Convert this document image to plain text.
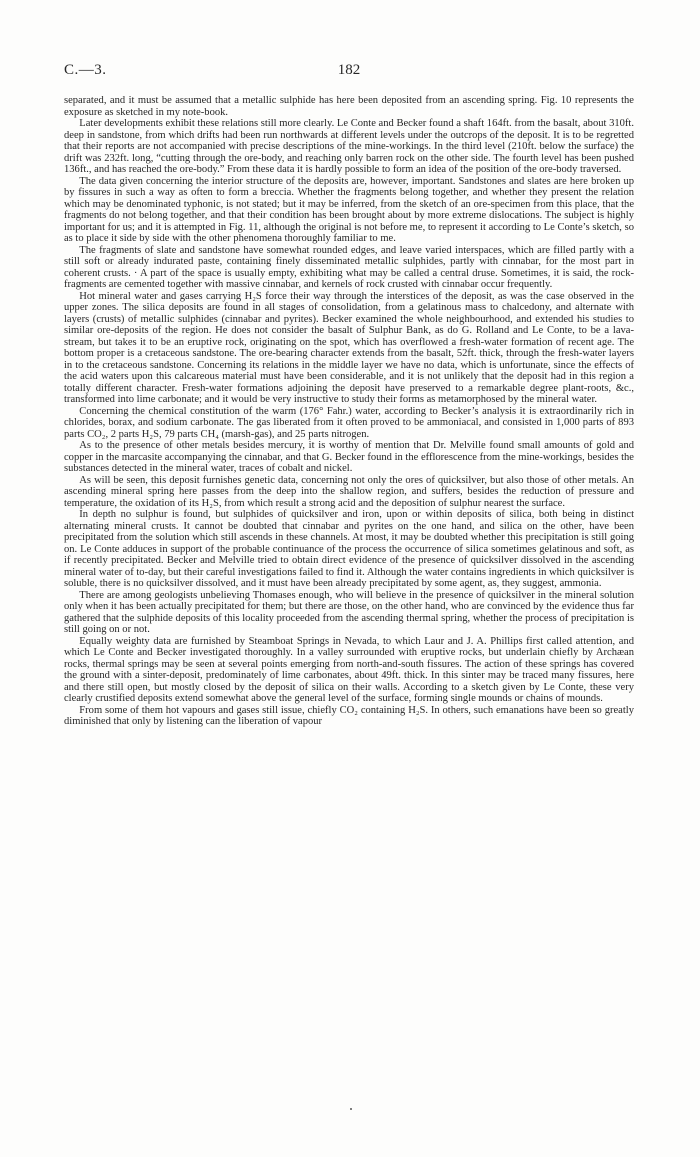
C.—3.	182

separated, and it must be assumed that a metallic sulphide has here been deposited from an ascending spring. Fig. 10 represents the exposure as sketched in my note-book.

Later developments exhibit these relations still more clearly. Le Conte and Becker found a shaft 164ft. from the basalt, about 310ft. deep in sandstone, from which drifts had been run northwards at different levels under the outcrops of the deposit. It is to be regretted that their reports are not accompanied with precise descriptions of the mine-workings. In the third level (210ft. below the surface) the drift was 232ft. long, “cutting through the ore-body, and reaching only barren rock on the other side. The fourth level has been pushed 136ft., and has reached the ore-body.” From these data it is hardly possible to form an idea of the position of the ore-body traversed.

The data given concerning the interior structure of the deposits are, however, important. Sandstones and slates are here broken up by fissures in such a way as often to form a breccia. Whether the fragments belong together, and whether they present the relation which may be denominated typhonic, is not stated; but it may be inferred, from the sketch of an ore-specimen from this place, that the fragments do not belong together, and that their condition has been brought about by more extreme dislocations. The subject is highly important for us; and it is attempted in Fig. 11, although the original is not before me, to represent it according to Le Conte’s sketch, so as to place it side by side with the other phenomena thoroughly familiar to me.

The fragments of slate and sandstone have somewhat rounded edges, and leave varied interspaces, which are filled partly with a still soft or already indurated paste, containing finely disseminated metallic sulphides, partly with cinnabar, for the most part in coherent crusts. · A part of the space is usually empty, exhibiting what may be called a central druse. Sometimes, it is said, the rock-fragments are cemented together with massive cinnabar, and kernels of rock crusted with cinnabar occur frequently.

Hot mineral water and gases carrying H₂S force their way through the interstices of the deposit, as was the case observed in the upper zones. The silica deposits are found in all stages of consolidation, from a gelatinous mass to chalcedony, and alternate with layers (crusts) of metallic sulphides (cinnabar and pyrites). Becker examined the whole neighbourhood, and extended his studies to similar ore-deposits of the region. He does not consider the basalt of Sulphur Bank, as do G. Rolland and Le Conte, to be a lava-stream, but takes it to be an eruptive rock, originating on the spot, which has overflowed a fresh-water formation of recent age. The bottom proper is a cretaceous sandstone. The ore-bearing character extends from the basalt, 52ft. thick, through the fresh-water layers in to the cretaceous sandstone. Concerning its relations in the middle layer we have no data, which is unfortunate, since the effects of the acid waters upon this calcareous material must have been considerable, and it is not unlikely that the deposit had in this region a totally different character. Fresh-water formations adjoining the deposit have preserved to a remarkable degree plant-roots, &c., transformed into lime carbonate; and it would be very instructive to study their forms as metamorphosed by the mineral water.

Concerning the chemical constitution of the warm (176° Fahr.) water, according to Becker’s analysis it is extraordinarily rich in chlorides, borax, and sodium carbonate. The gas liberated from it often proved to be ammoniacal, and consisted in 1,000 parts of 893 parts CO₂, 2 parts H₂S, 79 parts CH₄ (marsh-gas), and 25 parts nitrogen.

As to the presence of other metals besides mercury, it is worthy of mention that Dr. Melville found small amounts of gold and copper in the marcasite accompanying the cinnabar, and that G. Becker found in the efflorescence from the mine-workings, besides the substances detected in the mineral water, traces of cobalt and nickel.

As will be seen, this deposit furnishes genetic data, concerning not only the ores of quicksilver, but also those of other metals. An ascending mineral spring here passes from the deep into the shallow region, and suffers, besides the reduction of pressure and temperature, the oxidation of its H₂S, from which result a strong acid and the deposition of sulphur nearest the surface.

In depth no sulphur is found, but sulphides of quicksilver and iron, upon or within deposits of silica, both being in distinct alternating mineral crusts. It cannot be doubted that cinnabar and pyrites on the one hand, and silica on the other, have been precipitated from the solution which still ascends in these channels. At most, it may be doubted whether this precipitation is still going on. Le Conte adduces in support of the probable continuance of the process the occurrence of silica sometimes gelatinous and soft, as if recently precipitated. Becker and Melville tried to obtain direct evidence of the presence of quicksilver dissolved in the ascending mineral water of to-day, but their careful investigations failed to find it. Although the water contains ingredients in which quicksilver is soluble, there is no quicksilver dissolved, and it must have been already precipitated by some agent, as, they suggest, ammonia.

There are among geologists unbelieving Thomases enough, who will believe in the presence of quicksilver in the mineral solution only when it has been actually precipitated for them; but there are those, on the other hand, who are convinced by the evidence thus far gathered that the sulphide deposits of this locality proceeded from the ascending thermal spring, whether the process of precipitation is still going on or not.

Equally weighty data are furnished by Steamboat Springs in Nevada, to which Laur and J. A. Phillips first called attention, and which Le Conte and Becker investigated thoroughly. In a valley surrounded with eruptive rocks, but underlain chiefly by Archæan rocks, thermal springs may be seen at several points emerging from north-and-south fissures. The action of these springs has covered the ground with a sinter-deposit, predominately of lime carbonates, about 49ft. thick. In this sinter may be traced many fissures, here and there still open, but mostly closed by the deposit of silica on their walls. According to a sketch given by Le Conte, these very clearly crustified deposits extend somewhat above the general level of the surface, forming single mounds or chains of mounds.

From some of them hot vapours and gases still issue, chiefly CO₂ containing H₂S. In others, such emanations have been so greatly diminished that only by listening can the liberation of vapour
